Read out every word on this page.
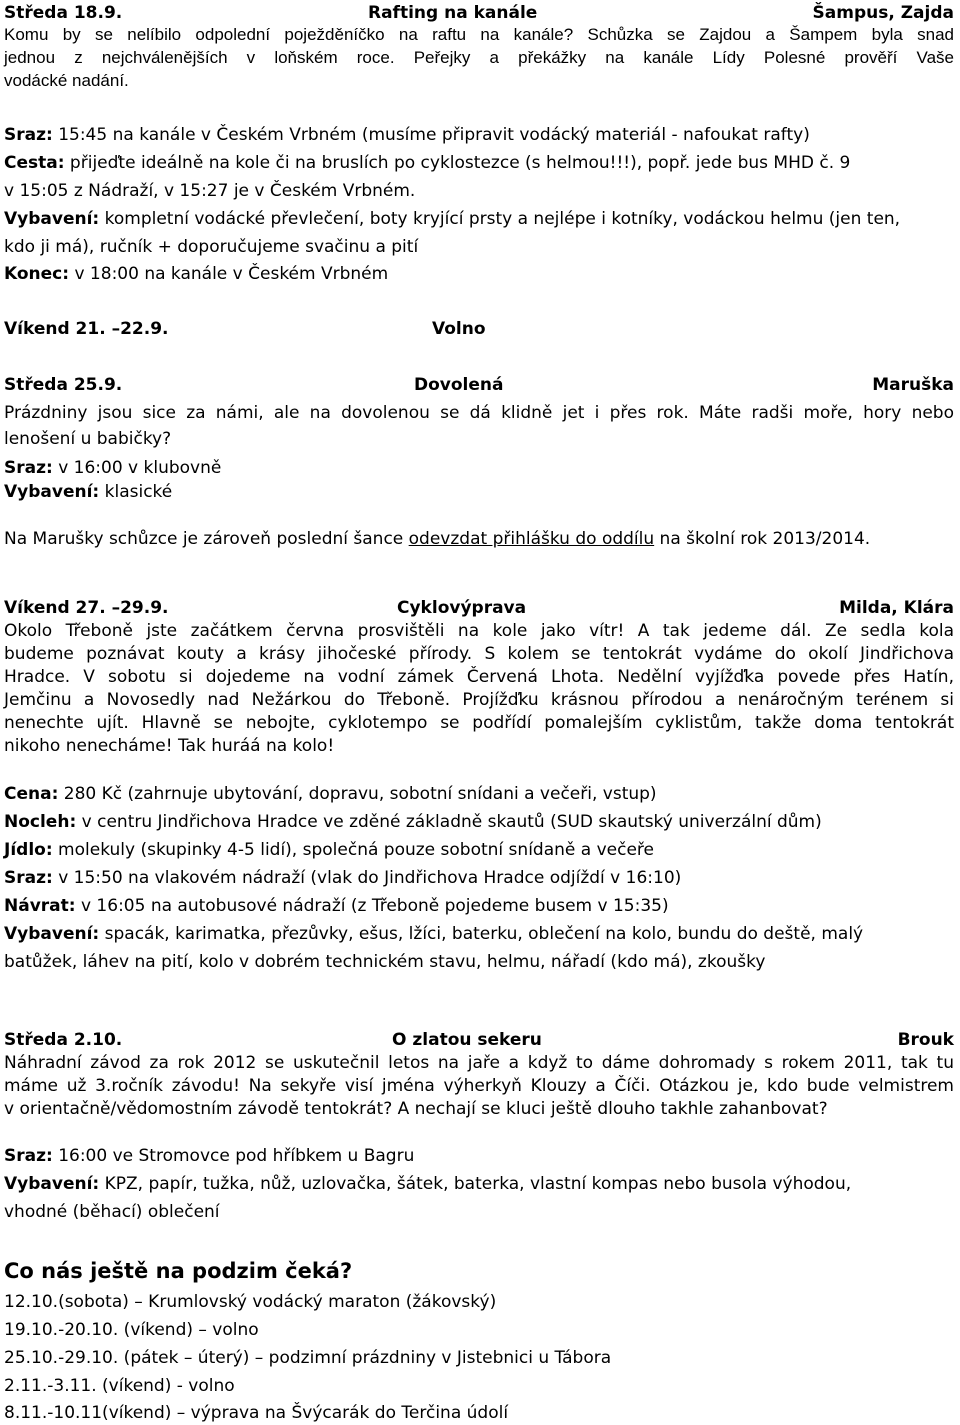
Středa 18.9.	Rafting na kanále	Šampus, Zajda
Komu by se nelíbilo odpolední poježděníčko na raftu na kanále? Schůzka se Zajdou a Šampem byla snad
jednou z nejchválenějších v loňském roce. Peřejky a překážky na kanále Lídy Polesné prověří Vaše
vodácké nadání.
Sraz: 15:45 na kanále v Českém Vrbném (musíme připravit vodácký materiál - nafoukat rafty)
Cesta: přijeďte ideálně na kole či na bruslích po cyklostezce (s helmou!!!), popř. jede bus MHD č. 9
v 15:05 z Nádraží, v 15:27 je v Českém Vrbném.
Vybavení: kompletní vodácké převlečení, boty kryjící prsty a nejlépe i kotníky, vodáckou helmu (jen ten,
kdo ji má), ručník + doporučujeme svačinu a pití
Konec: v 18:00 na kanále v Českém Vrbném
Víkend 21. –22.9.	Volno
Středa 25.9.	Dovolená	Maruška
Prázdniny jsou sice za námi, ale na dovolenou se dá klidně jet i přes rok. Máte radši moře, hory nebo
lenošení u babičky?
Sraz: v 16:00 v klubovně
Vybavení: klasické
Na Marušky schůzce je zároveň poslední šance odevzdat přihlášku do oddílu na školní rok 2013/2014.
Víkend 27. –29.9.	Cyklovýprava	Milda, Klára
Okolo Třeboně jste začátkem června prosvištěli na kole jako vítr! A tak jedeme dál. Ze sedla kola
budeme poznávat kouty a krásy jihočeské přírody. S kolem se tentokrát vydáme do okolí Jindřichova
Hradce. V sobotu si dojedeme na vodní zámek Červená Lhota. Nedělní vyjížďka povede přes Hatín,
Jemčinu a Novosedly nad Nežárkou do Třeboně. Projížďku krásnou přírodou a nenáročným terénem si
nenechte ujít. Hlavně se nebojte, cyklotempo se podřídí pomalejším cyklistům, takže doma tentokrát
nikoho nenecháme! Tak huráá na kolo!
Cena: 280 Kč (zahrnuje ubytování, dopravu, sobotní snídani a večeři, vstup)
Nocleh: v centru Jindřichova Hradce ve zděné základně skautů (SUD skautský univerzální dům)
Jídlo: molekuly (skupinky 4-5 lidí), společná pouze sobotní snídaně a večeře
Sraz: v 15:50 na vlakovém nádraží (vlak do Jindřichova Hradce odjíždí v 16:10)
Návrat: v 16:05 na autobusové nádraží (z Třeboně pojedeme busem v 15:35)
Vybavení: spacák, karimatka, přezůvky, ešus, lžíci, baterku, oblečení na kolo, bundu do deště, malý
batůžek, láhev na pití, kolo v dobrém technickém stavu, helmu, nářadí (kdo má), zkoušky
Středa 2.10.	O zlatou sekeru	Brouk
Náhradní závod za rok 2012 se uskutečnil letos na jaře a když to dáme dohromady s rokem 2011, tak tu
máme už 3.ročník závodu! Na sekyře visí jména výherkyň Klouzy a Číči. Otázkou je, kdo bude velmistrem
v orientačně/vědomostním závodě tentokrát? A nechají se kluci ještě dlouho takhle zahanbovat?
Sraz: 16:00 ve Stromovce pod hříbkem u Bagru
Vybavení: KPZ, papír, tužka, nůž, uzlovačka, šátek, baterka, vlastní kompas nebo busola výhodou,
vhodné (běhací) oblečení
Co nás ještě na podzim čeká?
12.10.(sobota) – Krumlovský vodácký maraton (žákovský)
19.10.-20.10. (víkend) – volno
25.10.-29.10. (pátek – úterý) – podzimní prázdniny v Jistebnici u Tábora
2.11.-3.11. (víkend) - volno
8.11.-10.11(víkend) – výprava na Švýcarák do Terčina údolí
